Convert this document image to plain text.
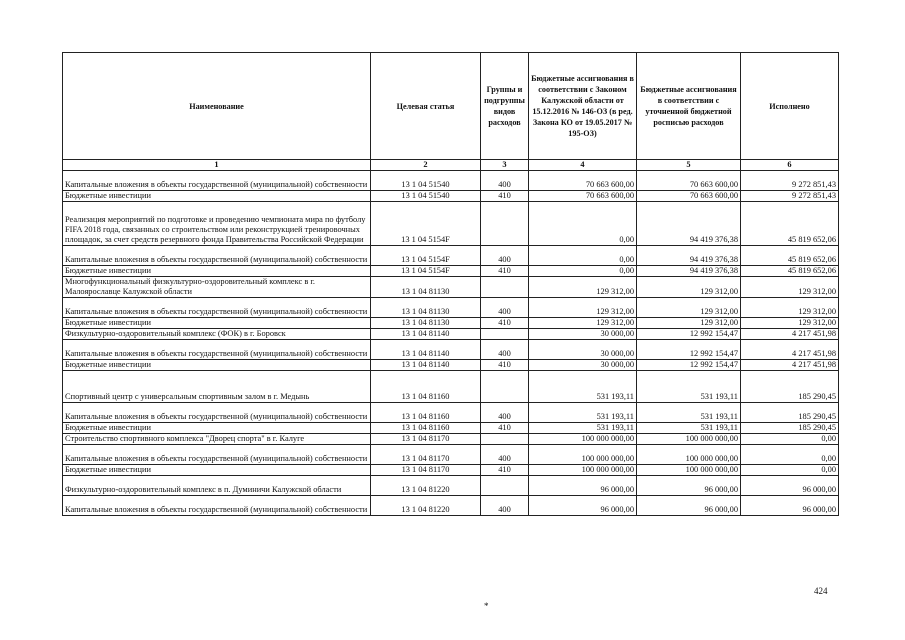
Наименование	Целевая статья	Группы и подгруппы видов расходов	Бюджетные ассигнования в соответствии с Законом Калужской области от 15.12.2016 № 146-ОЗ (в ред. Закона КО от 19.05.2017 № 195-ОЗ)	Бюджетные ассигнования в соответствии с уточненной бюджетной росписью расходов	Исполнено
1	2	3	4	5	6
Капитальные вложения в объекты государственной (муниципальной) собственности	13 1 04 51540	400	70 663 600,00	70 663 600,00	9 272 851,43
Бюджетные инвестиции	13 1 04 51540	410	70 663 600,00	70 663 600,00	9 272 851,43
Реализация мероприятий по подготовке и проведению чемпионата мира по футболу FIFA 2018 года, связанных со строительством или реконструкцией тренировочных площадок, за счет средств резервного фонда Правительства Российской Федерации	13 1 04 5154F		0,00	94 419 376,38	45 819 652,06
Капитальные вложения в объекты государственной (муниципальной) собственности	13 1 04 5154F	400	0,00	94 419 376,38	45 819 652,06
Бюджетные инвестиции	13 1 04 5154F	410	0,00	94 419 376,38	45 819 652,06
Многофункциональный физкультурно-оздоровительный комплекс в г. Малоярославце Калужской области	13 1 04 81130		129 312,00	129 312,00	129 312,00
Капитальные вложения в объекты государственной (муниципальной) собственности	13 1 04 81130	400	129 312,00	129 312,00	129 312,00
Бюджетные инвестиции	13 1 04 81130	410	129 312,00	129 312,00	129 312,00
Физкультурно-оздоровительный комплекс (ФОК) в г. Боровск	13 1 04 81140		30 000,00	12 992 154,47	4 217 451,98
Капитальные вложения в объекты государственной (муниципальной) собственности	13 1 04 81140	400	30 000,00	12 992 154,47	4 217 451,98
Бюджетные инвестиции	13 1 04 81140	410	30 000,00	12 992 154,47	4 217 451,98
Спортивный центр с универсальным спортивным залом в г. Медынь	13 1 04 81160		531 193,11	531 193,11	185 290,45
Капитальные вложения в объекты государственной (муниципальной) собственности	13 1 04 81160	400	531 193,11	531 193,11	185 290,45
Бюджетные инвестиции	13 1 04 81160	410	531 193,11	531 193,11	185 290,45
Строительство спортивного комплекса "Дворец спорта" в г. Калуге	13 1 04 81170		100 000 000,00	100 000 000,00	0,00
Капитальные вложения в объекты государственной (муниципальной) собственности	13 1 04 81170	400	100 000 000,00	100 000 000,00	0,00
Бюджетные инвестиции	13 1 04 81170	410	100 000 000,00	100 000 000,00	0,00
Физкультурно-оздоровительный комплекс в п. Думиничи Калужской области	13 1 04 81220		96 000,00	96 000,00	96 000,00
Капитальные вложения в объекты государственной (муниципальной) собственности	13 1 04 81220	400	96 000,00	96 000,00	96 000,00
424
*
